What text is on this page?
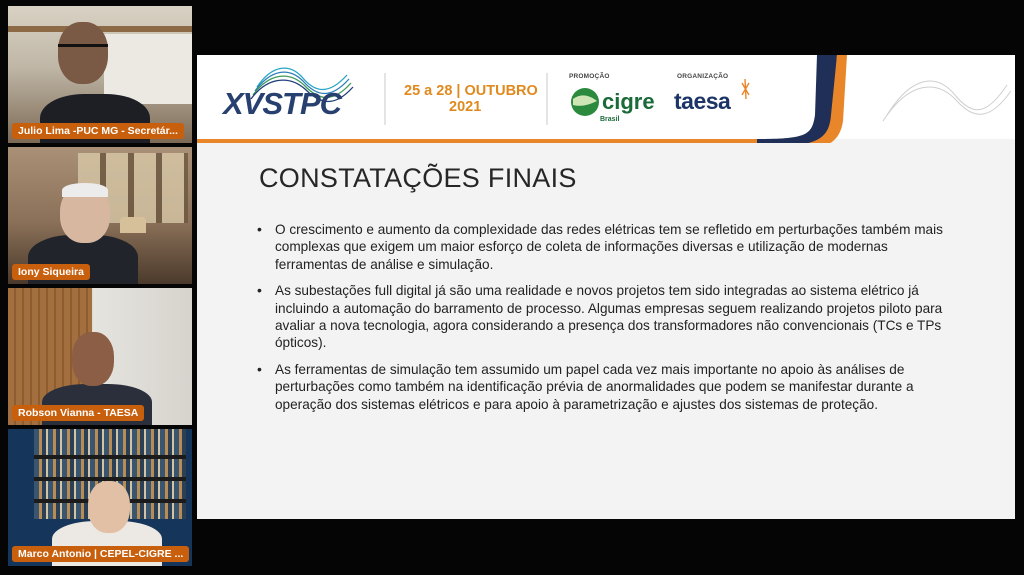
Julio Lima -PUC MG - Secretár...
Iony Siqueira
Robson Vianna - TAESA
Marco Antonio | CEPEL-CIGRE ...
XVSTPC	25 a 28 | OUTUBRO
2021
PROMOÇÃO
cigre
Brasil
ORGANIZAÇÃO
taesa
CONSTATAÇÕES FINAIS
• O crescimento e aumento da complexidade das redes elétricas tem se refletido em perturbações também mais complexas que exigem um maior esforço de coleta de informações diversas e utilização de modernas ferramentas de análise e simulação.
• As subestações full digital já são uma realidade e novos projetos tem sido integradas ao sistema elétrico já incluindo a automação do barramento de processo. Algumas empresas seguem realizando projetos piloto para avaliar a nova tecnologia, agora considerando a presença dos transformadores não convencionais (TCs e TPs ópticos).
• As ferramentas de simulação tem assumido um papel cada vez mais importante no apoio às análises de perturbações como também na identificação prévia de anormalidades que podem se manifestar durante a operação dos sistemas elétricos e para apoio à parametrização e ajustes dos sistemas de proteção.
